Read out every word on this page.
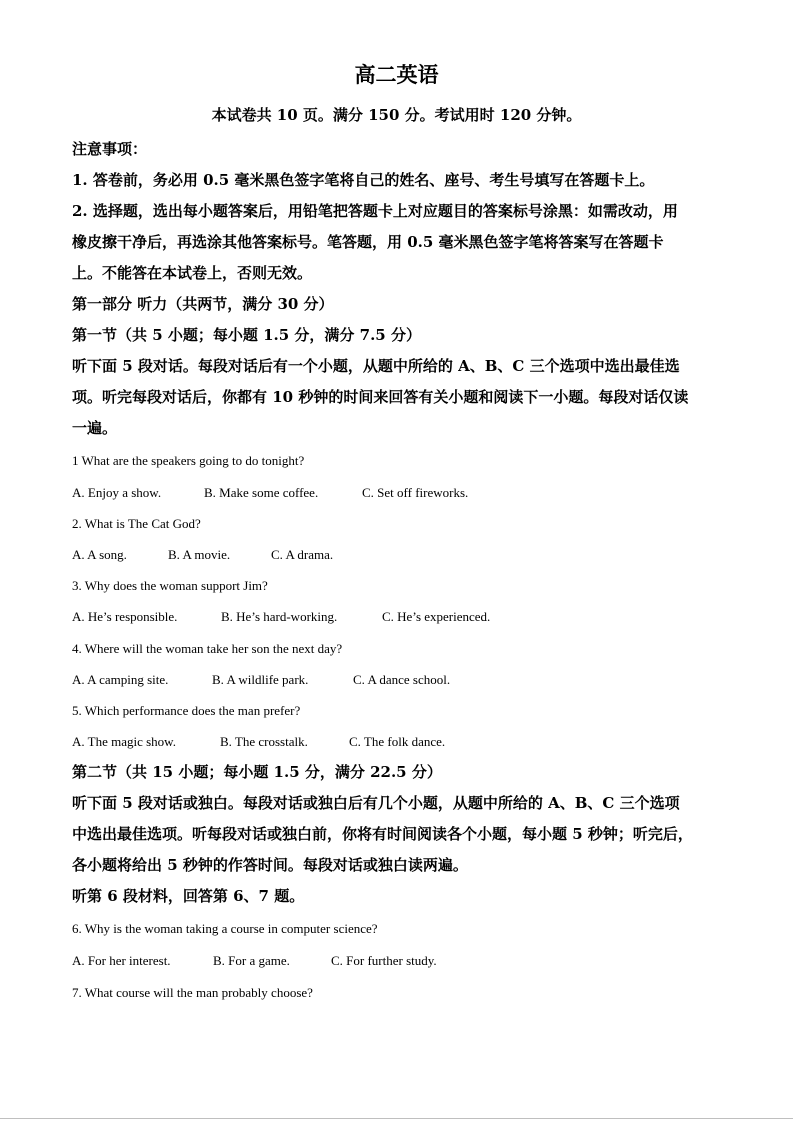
高二英语
本试卷共 10 页。满分 150 分。考试用时 120 分钟。
注意事项：
1. 答卷前，务必用 0.5 毫米黑色签字笔将自己的姓名、座号、考生号填写在答题卡上。
2. 选择题，选出每小题答案后，用铅笔把答题卡上对应题目的答案标号涂黑：如需改动，用
橡皮擦干净后，再选涂其他答案标号。笔答题，用 0.5 毫米黑色签字笔将答案写在答题卡
上。不能答在本试卷上，否则无效。
第一部分 听力（共两节，满分 30 分）
第一节（共 5 小题；每小题 1.5 分，满分 7.5 分）
听下面 5 段对话。每段对话后有一个小题，从题中所给的 A、B、C 三个选项中选出最佳选
项。听完每段对话后，你都有 10 秒钟的时间来回答有关小题和阅读下一小题。每段对话仅读
一遍。
1 What are the speakers going to do tonight?
A. Enjoy a show.	B. Make some coffee.	C. Set off fireworks.
2. What is The Cat God?
A. A song.	B. A movie.	C. A drama.
3. Why does the woman support Jim?
A. He’s responsible.	B. He’s hard-working.	C. He’s experienced.
4. Where will the woman take her son the next day?
A. A camping site.	B. A wildlife park.	C. A dance school.
5. Which performance does the man prefer?
A. The magic show.	B. The crosstalk.	C. The folk dance.
第二节（共 15 小题；每小题 1.5 分，满分 22.5 分）
听下面 5 段对话或独白。每段对话或独白后有几个小题，从题中所给的 A、B、C 三个选项
中选出最佳选项。听每段对话或独白前，你将有时间阅读各个小题，每小题 5 秒钟；听完后，
各小题将给出 5 秒钟的作答时间。每段对话或独白读两遍。
听第 6 段材料，回答第 6、7 题。
6. Why is the woman taking a course in computer science?
A. For her interest.	B. For a game.	C. For further study.
7. What course will the man probably choose?
